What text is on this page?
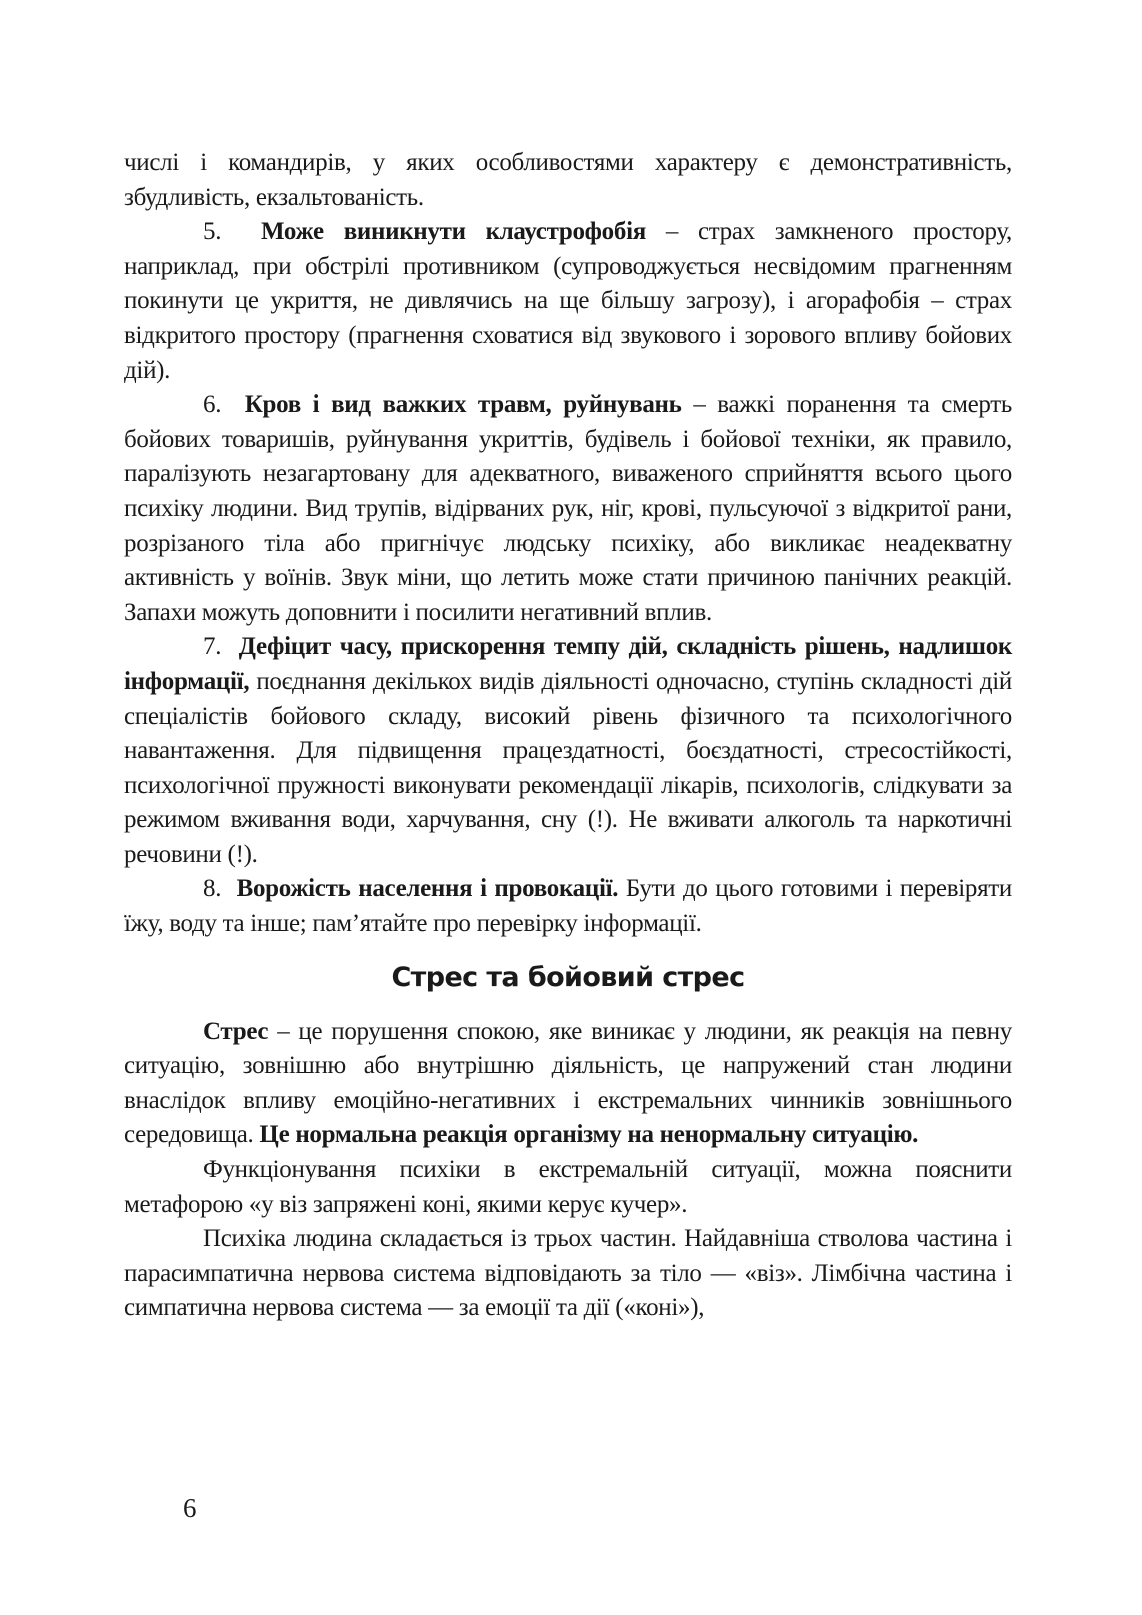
числі і командирів, у яких особливостями характеру є демонстративність, збудливість, екзальтованість.

5. Може виникнути клаустрофобія – страх замкненого простору, наприклад, при обстрілі противником (супроводжується несвідомим прагненням покинути це укриття, не дивлячись на ще більшу загрозу), і агорафобія – страх відкритого простору (прагнення сховатися від звукового і зорового впливу бойових дій).

6. Кров і вид важких травм, руйнувань – важкі поранення та смерть бойових товаришів, руйнування укриттів, будівель і бойової техніки, як правило, паралізують незагартовану для адекватного, виваженого сприйняття всього цього психіку людини. Вид трупів, відірваних рук, ніг, крові, пульсуючої з відкритої рани, розрізаного тіла або пригнічує людську психіку, або викликає неадекватну активність у воїнів. Звук міни, що летить може стати причиною панічних реакцій. Запахи можуть доповнити і посилити негативний вплив.

7. Дефіцит часу, прискорення темпу дій, складність рішень, надлишок інформації, поєднання декількох видів діяльності одночасно, ступінь складності дій спеціалістів бойового складу, високий рівень фізичного та психологічного навантаження. Для підвищення працездатності, боєздатності, стресостійкості, психологічної пружності виконувати рекомендації лікарів, психологів, слідкувати за режимом вживання води, харчування, сну (!). Не вживати алкоголь та наркотичні речовини (!).

8. Ворожість населення і провокації. Бути до цього готовими і перевіряти їжу, воду та інше; пам’ятайте про перевірку інформації.

Стрес та бойовий стрес

Стрес – це порушення спокою, яке виникає у людини, як реакція на певну ситуацію, зовнішню або внутрішню діяльність, це напружений стан людини внаслідок впливу емоційно-негативних і екстремальних чинників зовнішнього середовища. Це нормальна реакція організму на ненормальну ситуацію.

Функціонування психіки в екстремальній ситуації, можна пояснити метафорою «у віз запряжені коні, якими керує кучер».

Психіка людина складається із трьох частин. Найдавніша стволова частина і парасимпатична нервова система відповідають за тіло — «віз». Лімбічна частина і симпатична нервова система — за емоції та дії («коні»),

6
